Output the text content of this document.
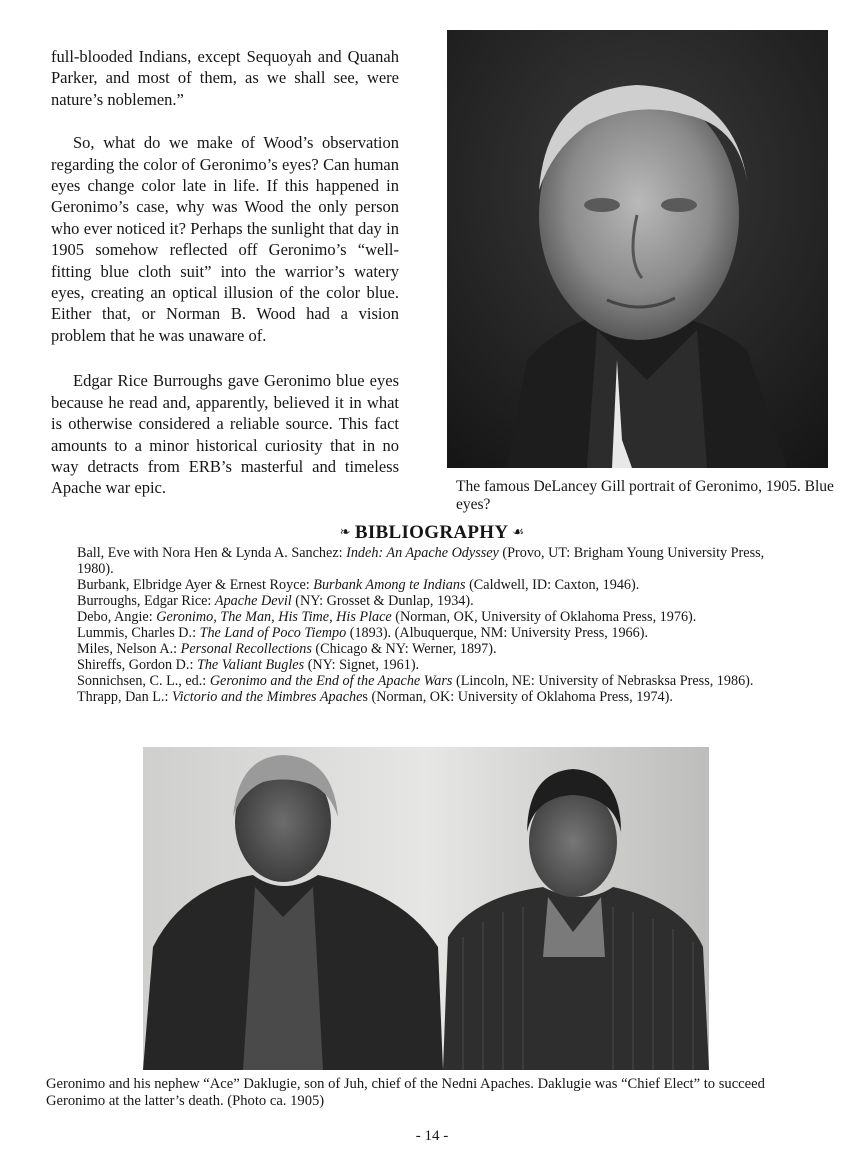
full-blooded Indians, except Sequoyah and Quanah Parker, and most of them, as we shall see, were nature’s noblemen.”

So, what do we make of Wood’s observation regarding the color of Geronimo’s eyes? Can human eyes change color late in life. If this happened in Geronimo’s case, why was Wood the only person who ever noticed it? Perhaps the sunlight that day in 1905 somehow reflected off Geronimo’s “well-fitting blue cloth suit” into the warrior’s watery eyes, creating an optical illusion of the color blue. Either that, or Norman B. Wood had a vision problem that he was unaware of.

Edgar Rice Burroughs gave Geronimo blue eyes because he read and, apparently, believed it in what is otherwise considered a reliable source. This fact amounts to a minor historical curiosity that in no way detracts from ERB’s masterful and timeless Apache war epic.	The famous DeLancey Gill portrait of Geronimo, 1905. Blue eyes?
❧ BIBLIOGRAPHY ☙

Ball, Eve with Nora Hen & Lynda A. Sanchez: Indeh: An Apache Odyssey (Provo, UT: Brigham Young University Press, 1980).

Burbank, Elbridge Ayer & Ernest Royce: Burbank Among te Indians (Caldwell, ID: Caxton, 1946).

Burroughs, Edgar Rice: Apache Devil (NY: Grosset & Dunlap, 1934).

Debo, Angie: Geronimo, The Man, His Time, His Place (Norman, OK, University of Oklahoma Press, 1976).

Lummis, Charles D.: The Land of Poco Tiempo (1893). (Albuquerque, NM: University Press, 1966).

Miles, Nelson A.: Personal Recollections (Chicago & NY: Werner, 1897).

Shireffs, Gordon D.: The Valiant Bugles (NY: Signet, 1961).

Sonnichsen, C. L., ed.: Geronimo and the End of the Apache Wars (Lincoln, NE: University of Nebrasksa Press, 1986).

Thrapp, Dan L.: Victorio and the Mimbres Apaches (Norman, OK: University of Oklahoma Press, 1974).

Geronimo and his nephew “Ace” Daklugie, son of Juh, chief of the Nedni Apaches. Daklugie was “Chief Elect” to succeed Geronimo at the latter’s death. (Photo ca. 1905)
- 14 -
